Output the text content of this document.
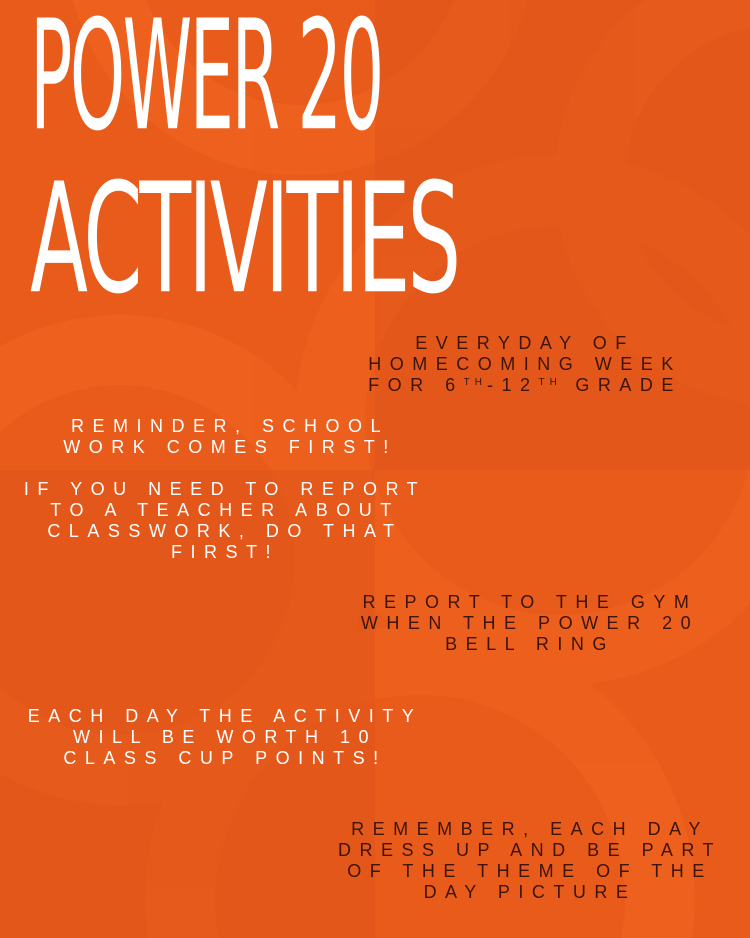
POWER 20
ACTIVITIES
EVERYDAY OF
HOMECOMING WEEK
FOR 6TH-12TH GRADE
REMINDER, SCHOOL
WORK COMES FIRST!
IF YOU NEED TO REPORT
TO A TEACHER ABOUT
CLASSWORK, DO THAT
FIRST!
REPORT TO THE GYM
WHEN THE POWER 20
BELL RING
EACH DAY THE ACTIVITY
WILL BE WORTH 10
CLASS CUP POINTS!
REMEMBER, EACH DAY
DRESS UP AND BE PART
OF THE THEME OF THE
DAY PICTURE
